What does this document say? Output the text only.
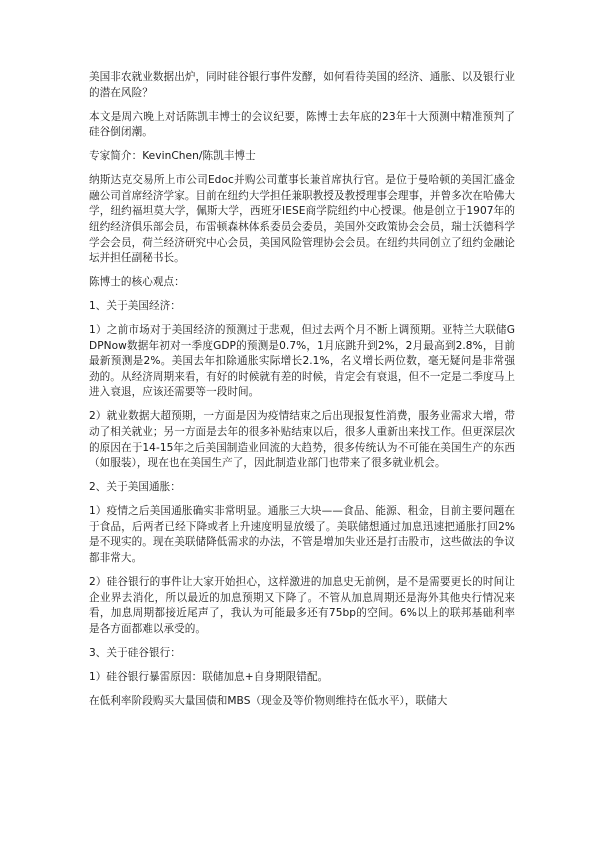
美国非农就业数据出炉，同时硅谷银行事件发酵，如何看待美国的经济、通胀、以及银行业的潜在风险？

本文是周六晚上对话陈凯丰博士的会议纪要，陈博士去年底的23年十大预测中精准预判了硅谷倒闭潮。

专家简介：KevinChen/陈凯丰博士

纳斯达克交易所上市公司Edoc并购公司董事长兼首席执行官。是位于曼哈顿的美国汇盛金融公司首席经济学家。目前在纽约大学担任兼职教授及教授理事会理事，并曾多次在哈佛大学，纽约福坦莫大学，佩斯大学，西班牙IESE商学院纽约中心授课。他是创立于1907年的纽约经济俱乐部会员，布雷顿森林体系委员会委员，美国外交政策协会会员，瑞士沃德科学学会会员，荷兰经济研究中心会员，美国风险管理协会会员。在纽约共同创立了纽约金融论坛并担任副秘书长。

陈博士的核心观点：

1、关于美国经济：

1）之前市场对于美国经济的预测过于悲观，但过去两个月不断上调预期。亚特兰大联储GDPNow数据年初对一季度GDP的预测是0.7%，1月底跳升到2%，2月最高到2.8%，目前最新预测是2%。美国去年扣除通胀实际增长2.1%，名义增长两位数，毫无疑问是非常强劲的。从经济周期来看，有好的时候就有差的时候，肯定会有衰退，但不一定是二季度马上进入衰退，应该还需要等一段时间。

2）就业数据大超预期，一方面是因为疫情结束之后出现报复性消费，服务业需求大增，带动了相关就业；另一方面是去年的很多补贴结束以后，很多人重新出来找工作。但更深层次的原因在于14-15年之后美国制造业回流的大趋势，很多传统认为不可能在美国生产的东西（如服装），现在也在美国生产了，因此制造业部门也带来了很多就业机会。

2、关于美国通胀：

1）疫情之后美国通胀确实非常明显。通胀三大块——食品、能源、租金，目前主要问题在于食品，后两者已经下降或者上升速度明显放缓了。美联储想通过加息迅速把通胀打回2%是不现实的。现在美联储降低需求的办法，不管是增加失业还是打击股市，这些做法的争议都非常大。

2）硅谷银行的事件让大家开始担心，这样激进的加息史无前例，是不是需要更长的时间让企业界去消化，所以最近的加息预期又下降了。不管从加息周期还是海外其他央行情况来看，加息周期都接近尾声了，我认为可能最多还有75bp的空间。6%以上的联邦基础利率是各方面都难以承受的。

3、关于硅谷银行：

1）硅谷银行暴雷原因：联储加息+自身期限错配。

在低利率阶段购买大量国债和MBS（现金及等价物则维持在低水平），联储大
